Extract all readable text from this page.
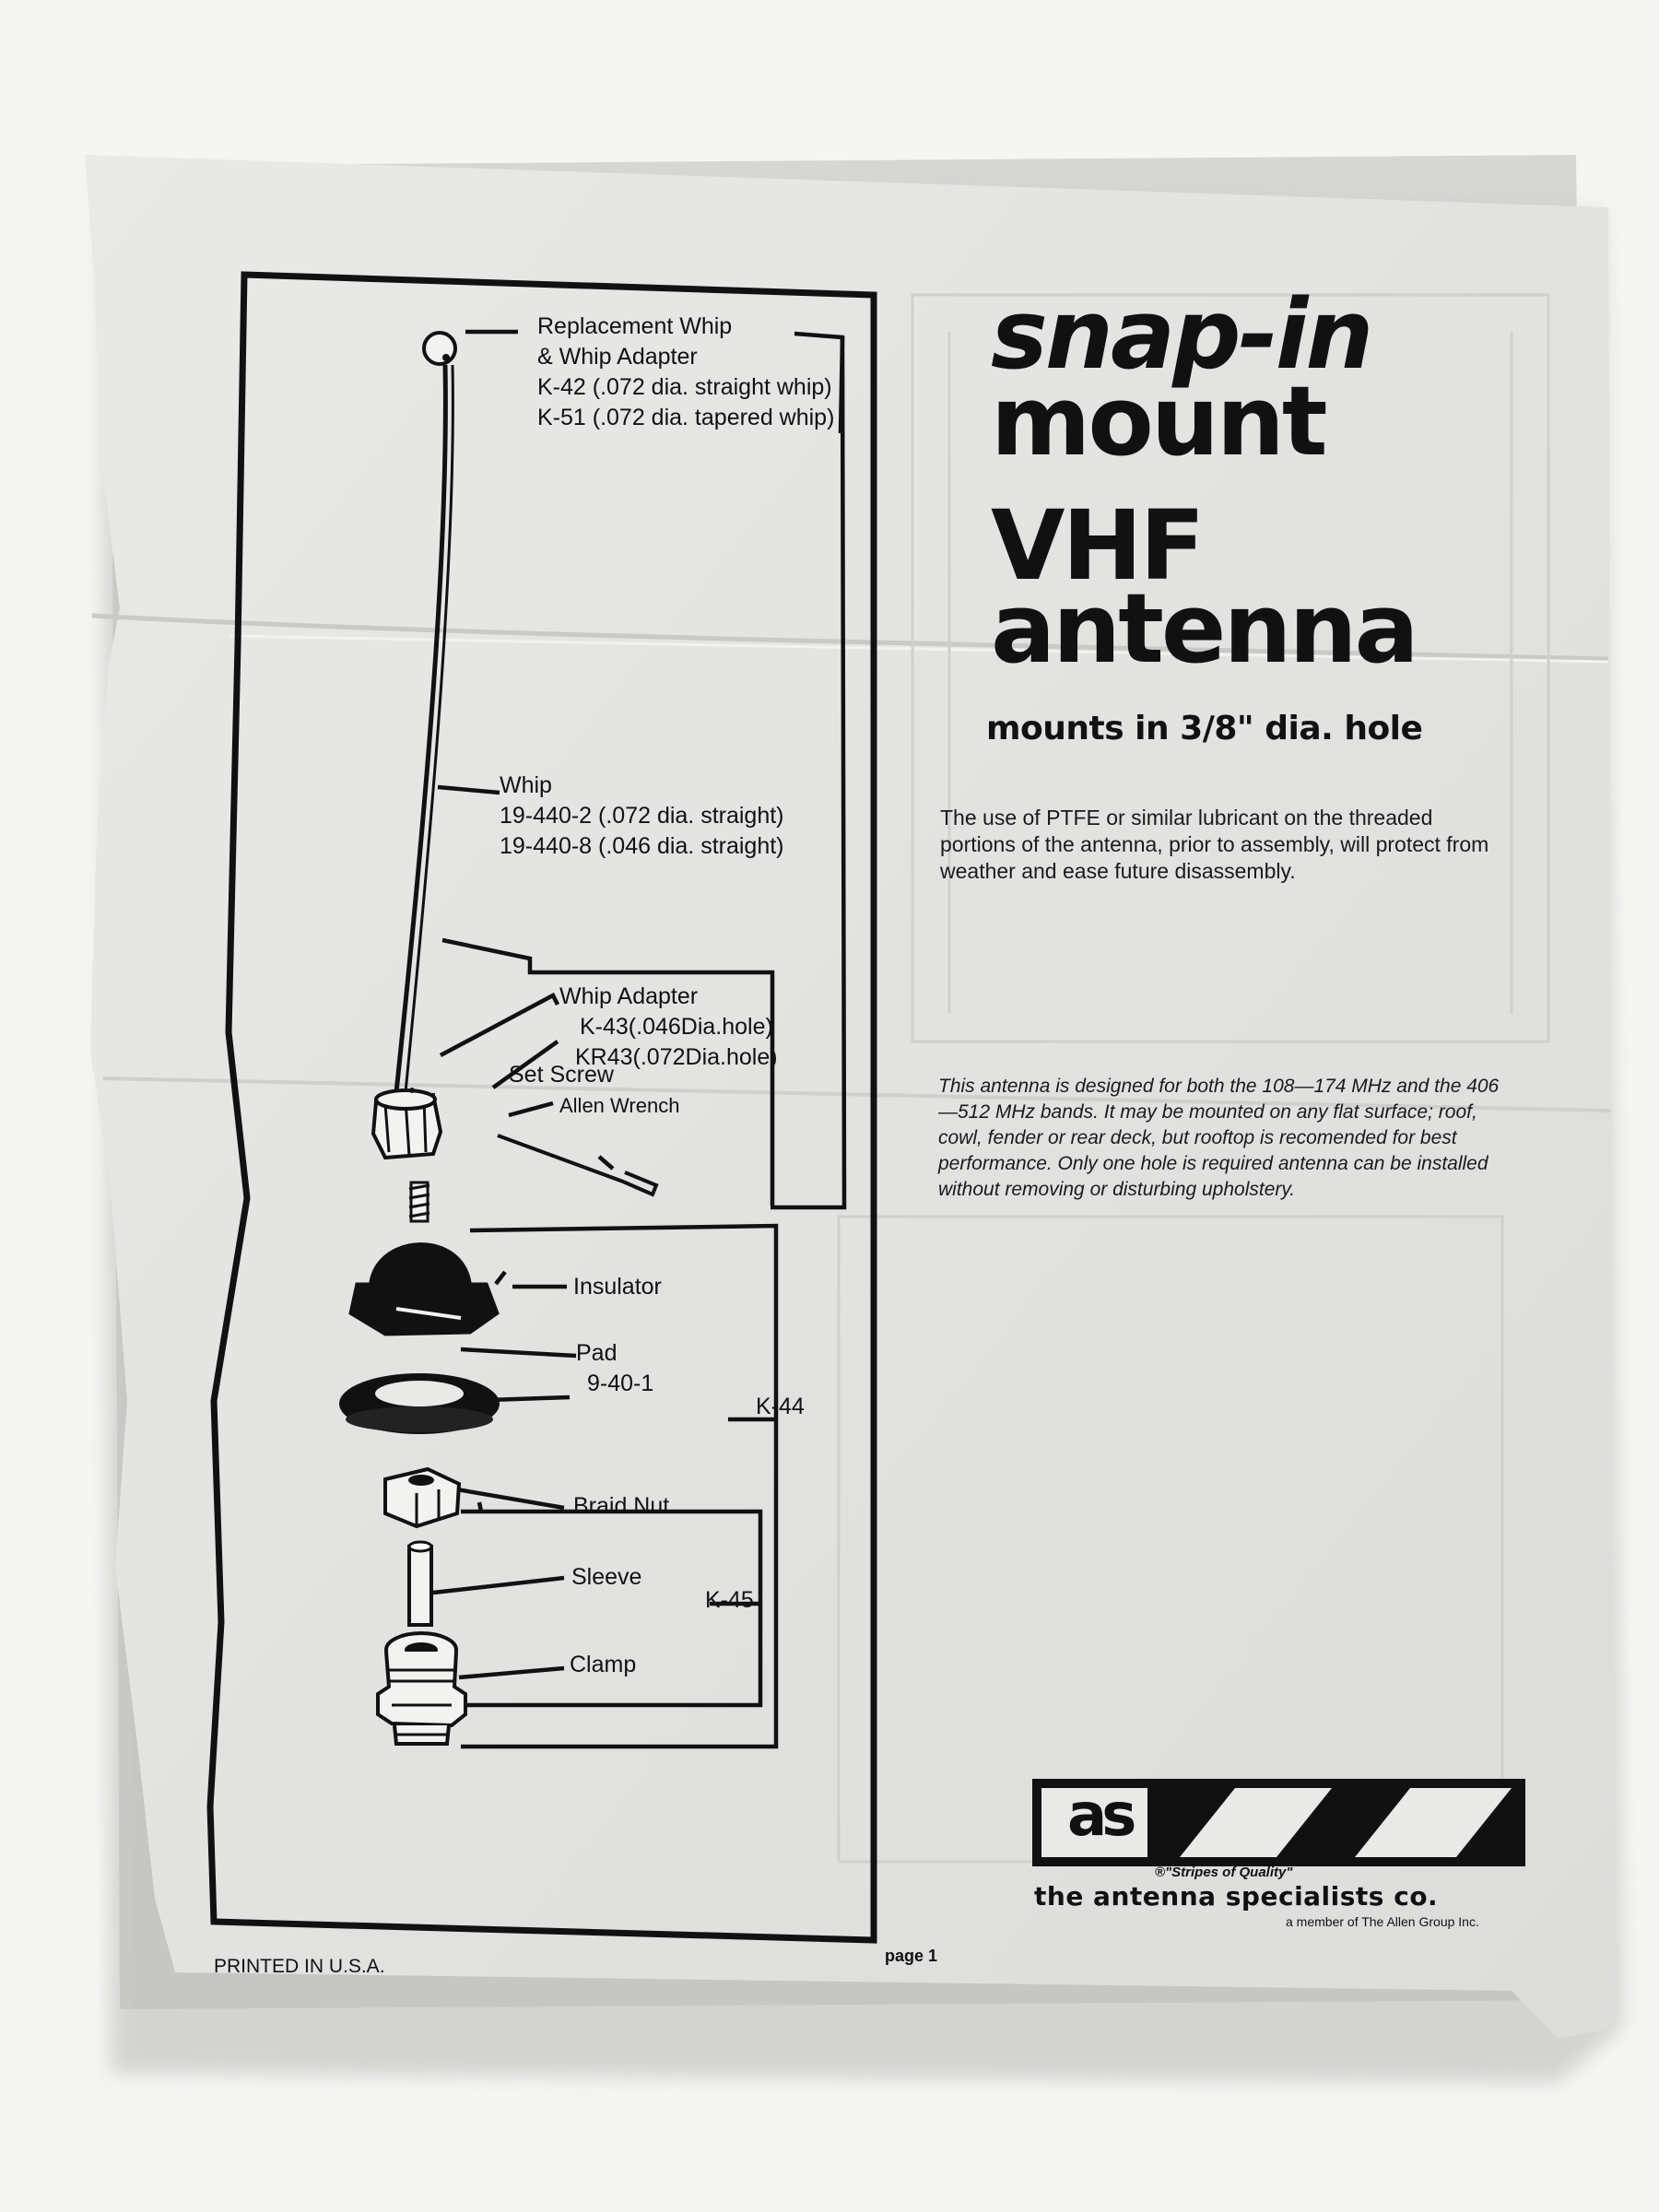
snap-in
mount
VHF
antenna
mounts in 3/8" dia. hole
The use of PTFE or similar lubricant on the threaded portions of the antenna, prior to assembly, will protect from weather and ease future disassembly.
This antenna is designed for both the 108—174 MHz and the 406—512 MHz bands. It may be mounted on any flat surface; roof, cowl, fender or rear deck, but rooftop is recomended for best performance. Only one hole is required antenna can be installed without removing or disturbing upholstery.
Replacement Whip
& Whip Adapter
K-42 (.072 dia. straight whip)
K-51 (.072 dia. tapered whip)
Whip
19-440-2 (.072 dia. straight)
19-440-8 (.046 dia. straight)
Whip Adapter
K-43(.046Dia.hole)
KR43(.072Dia.hole)
Set Screw
Allen Wrench
Insulator
Pad
9-40-1
K-44
Braid Nut
Sleeve
K-45
Clamp
as
®"Stripes of Quality"
the antenna specialists co.
a member of The Allen Group Inc.
PRINTED IN U.S.A.	page 1
